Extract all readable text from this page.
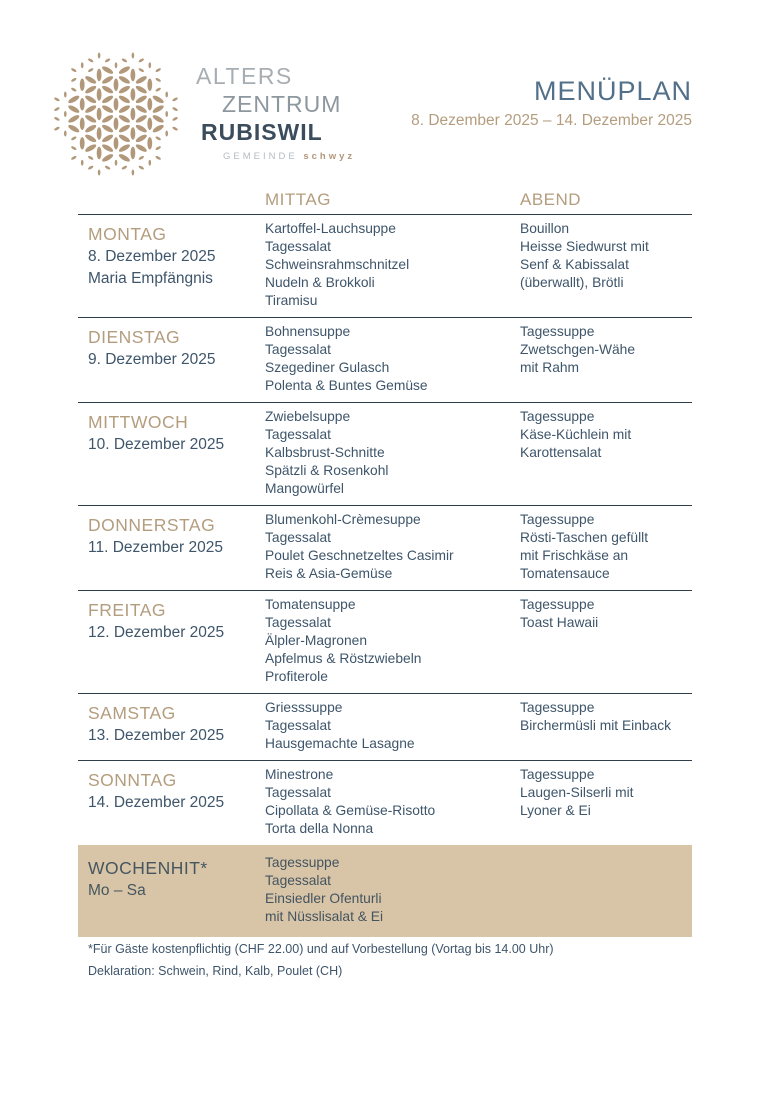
ALTERS
ZENTRUM
RUBISWIL
GEMEINDE schwyz
MENÜPLAN
8. Dezember 2025 – 14. Dezember 2025
MITTAG	ABEND
MONTAG
8. Dezember 2025
Maria Empfängnis
Kartoffel-Lauchsuppe
Tagessalat
Schweinsrahmschnitzel
Nudeln & Brokkoli
Tiramisu
Bouillon
Heisse Siedwurst mit
Senf & Kabissalat
(überwallt), Brötli
DIENSTAG
9. Dezember 2025
Bohnensuppe
Tagessalat
Szegediner Gulasch
Polenta & Buntes Gemüse
Tagessuppe
Zwetschgen-Wähe
mit Rahm
MITTWOCH
10. Dezember 2025
Zwiebelsuppe
Tagessalat
Kalbsbrust-Schnitte
Spätzli & Rosenkohl
Mangowürfel
Tagessuppe
Käse-Küchlein mit
Karottensalat
DONNERSTAG
11. Dezember 2025
Blumenkohl-Crèmesuppe
Tagessalat
Poulet Geschnetzeltes Casimir
Reis & Asia-Gemüse
Tagessuppe
Rösti-Taschen gefüllt
mit Frischkäse an
Tomatensauce
FREITAG
12. Dezember 2025
Tomatensuppe
Tagessalat
Älpler-Magronen
Apfelmus & Röstzwiebeln
Profiterole
Tagessuppe
Toast Hawaii
SAMSTAG
13. Dezember 2025
Griesssuppe
Tagessalat
Hausgemachte Lasagne
Tagessuppe
Birchermüsli mit Einback
SONNTAG
14. Dezember 2025
Minestrone
Tagessalat
Cipollata & Gemüse-Risotto
Torta della Nonna
Tagessuppe
Laugen-Silserli mit
Lyoner & Ei
WOCHENHIT*
Mo – Sa
Tagessuppe
Tagessalat
Einsiedler Ofenturli
mit Nüsslisalat & Ei
*Für Gäste kostenpflichtig (CHF 22.00) und auf Vorbestellung (Vortag bis 14.00 Uhr)
Deklaration: Schwein, Rind, Kalb, Poulet (CH)
